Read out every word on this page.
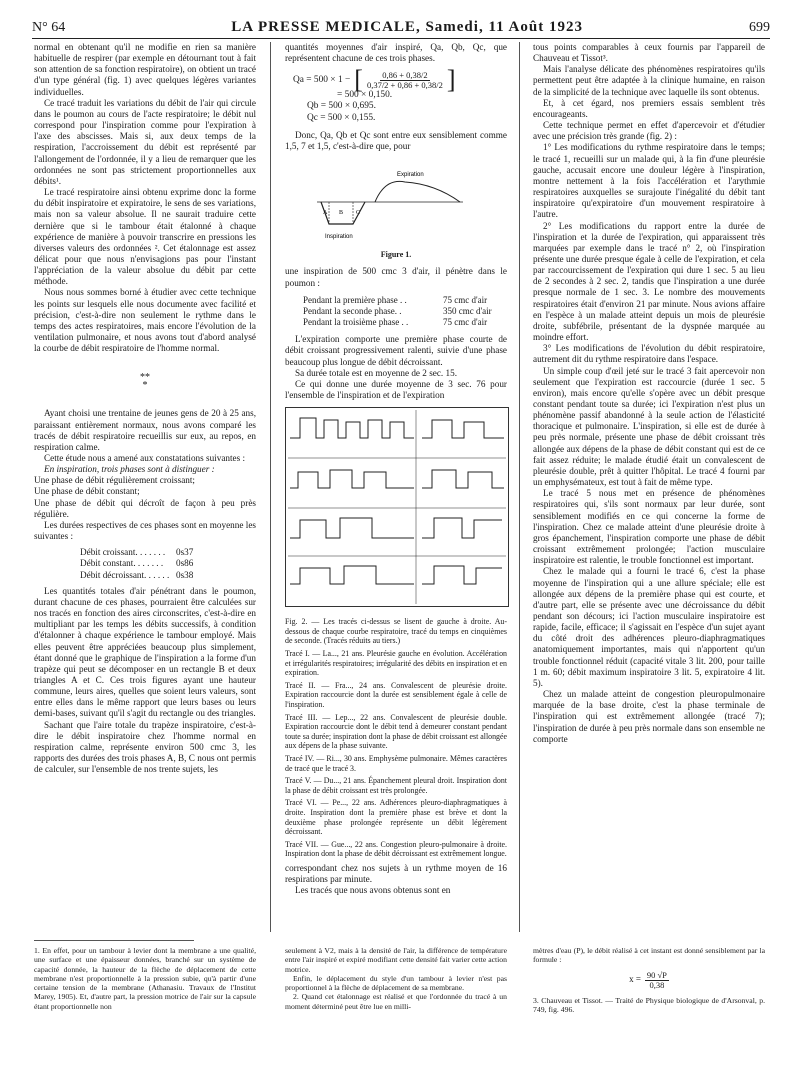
N° 64	LA PRESSE MEDICALE, Samedi, 11 Août 1923	699

normal en obtenant qu'il ne modifie en rien sa manière habituelle de respirer (par exemple en détournant tout à fait son attention de sa fonction respiratoire), on obtient un tracé d'un type général (fig. 1) avec quelques légères variantes individuelles.

Ce tracé traduit les variations du débit de l'air qui circule dans le poumon au cours de l'acte respiratoire; le débit nul correspond pour l'inspiration comme pour l'expiration à l'axe des abscisses. Mais si, aux deux temps de la respiration, l'accroissement du débit est représenté par l'allongement de l'ordonnée, il y a lieu de remarquer que les ordonnées ne sont pas strictement proportionnelles aux débits¹.

Le tracé respiratoire ainsi obtenu exprime donc la forme du débit inspiratoire et expiratoire, le sens de ses variations, mais non sa valeur absolue. Il ne saurait traduire cette dernière que si le tambour était étalonné à chaque expérience de manière à pouvoir transcrire en pressions les diverses valeurs des ordonnées ². Cet étalonnage est assez délicat pour que nous n'envisagions pas pour l'instant l'appréciation de la valeur absolue du débit par cette méthode.

Nous nous sommes borné à étudier avec cette technique les points sur lesquels elle nous documente avec facilité et précision, c'est-à-dire non seulement le rythme dans le temps des actes respiratoires, mais encore l'évolution de la ventilation pulmonaire, et nous avons tout d'abord analysé la courbe de débit respiratoire de l'homme normal.

**
*

Ayant choisi une trentaine de jeunes gens de 20 à 25 ans, paraissant entièrement normaux, nous avons comparé les tracés de débit respiratoire recueillis sur eux, au repos, en respiration calme.

Cette étude nous a amené aux constatations suivantes :

En inspiration, trois phases sont à distinguer :

Une phase de débit régulièrement croissant;

Une phase de débit constant;

Une phase de débit qui décroît de façon à peu près régulière.

Les durées respectives de ces phases sont en moyenne les suivantes :

Débit croissant. . . . . . .	0s37
Débit constant. . . . . . .	0s86
Débit décroissant. . . . . . 0s38

Les quantités totales d'air pénétrant dans le poumon, durant chacune de ces phases, pourraient être calculées sur nos tracés en fonction des aires circonscrites, c'est-à-dire en multipliant par les temps les débits successifs, à condition d'étalonner à chaque expérience le tambour employé. Mais elles peuvent être appréciées beaucoup plus simplement, étant donné que le graphique de l'inspiration a la forme d'un trapèze qui peut se décomposer en un rectangle B et deux triangles A et C. Ces trois figures ayant une hauteur commune, leurs aires, quelles que soient leurs valeurs, sont entre elles dans le même rapport que leurs bases ou leurs demi-bases, suivant qu'il s'agit du rectangle ou des triangles.

Sachant que l'aire totale du trapèze inspiratoire, c'est-à-dire le débit inspiratoire chez l'homme normal en respiration calme, représente environ 500 cmc 3, les rapports des durées des trois phases A, B, C nous ont permis de calculer, sur l'ensemble de nos trente sujets, les

quantités moyennes d'air inspiré, Qa, Qb, Qc, que représentent chacune de ces trois phases.

Qa = 500 × 1 − [ $\frac{0,86 + 0,38/2}{0,37/2 + 0,86 + 0,38/2}$ ]
= 500 × 0,150.
Qb = 500 × 0,695.
Qc = 500 × 0,155.

Donc, Qa, Qb et Qc sont entre eux sensiblement comme 1,5, 7 et 1,5, c'est-à-dire que, pour

Expiration
Inspiration
A B C
Figure 1.

une inspiration de 500 cmc 3 d'air, il pénètre dans le poumon :

Pendant la première phase . .	75 cmc d'air
Pendant la seconde phase. .	350 cmc d'air
Pendant la troisième phase . .	75 cmc d'air

L'expiration comporte une première phase courte de débit croissant progressivement ralenti, suivie d'une phase beaucoup plus longue de débit décroissant.

Sa durée totale est en moyenne de 2 sec. 15.

Ce qui donne une durée moyenne de 3 sec. 76 pour l'ensemble de l'inspiration et de l'expiration

Fig. 2. — Les tracés ci-dessus se lisent de gauche à droite. Au-dessous de chaque courbe respiratoire, tracé du temps en cinquièmes de seconde. (Tracés réduits au tiers.)
Tracé I. — La..., 21 ans. Pleurésie gauche en évolution. Accélération et irrégularités respiratoires; irrégularité des débits en inspiration et en expiration.
Tracé II. — Fra..., 24 ans. Convalescent de pleurésie droite. Expiration raccourcie dont la durée est sensiblement égale à celle de l'inspiration.
Tracé III. — Lep..., 22 ans. Convalescent de pleurésie double. Expiration raccourcie dont le débit tend à demeurer constant pendant toute sa durée; inspiration dont la phase de débit croissant est allongée aux dépens de la phase suivante.
Tracé IV. — Ri..., 30 ans. Emphysème pulmonaire. Mêmes caractères de tracé que le tracé 3.
Tracé V. — Du..., 21 ans. Épanchement pleural droit. Inspiration dont la phase de débit croissant est très prolongée.
Tracé VI. — Pe..., 22 ans. Adhérences pleuro-diaphragmatiques à droite. Inspiration dont la première phase est brève et dont la deuxième phase prolongée représente un débit légèrement décroissant.
Tracé VII. — Gue..., 22 ans. Congestion pleuro-pulmonaire à droite. Inspiration dont la phase de débit décroissant est extrêmement longue.

correspondant chez nos sujets à un rythme moyen de 16 respirations par minute.

Les tracés que nous avons obtenus sont en

tous points comparables à ceux fournis par l'appareil de Chauveau et Tissot³.

Mais l'analyse délicate des phénomènes respiratoires qu'ils permettent peut être adaptée à la clinique humaine, en raison de la simplicité de la technique avec laquelle ils sont obtenus.

Et, à cet égard, nos premiers essais semblent très encourageants.

Cette technique permet en effet d'apercevoir et d'étudier avec une précision très grande (fig. 2) :

1° Les modifications du rythme respiratoire dans le temps; le tracé 1, recueilli sur un malade qui, à la fin d'une pleurésie gauche, accusait encore une douleur légère à l'inspiration, montre nettement à la fois l'accélération et l'arythmie respiratoires auxquelles se surajoute l'inégalité du débit tant inspiratoire qu'expiratoire d'un mouvement respiratoire à l'autre.

2° Les modifications du rapport entre la durée de l'inspiration et la durée de l'expiration, qui apparaissent très marquées par exemple dans le tracé n° 2, où l'inspiration présente une durée presque égale à celle de l'expiration, et cela par raccourcissement de l'expiration qui dure 1 sec. 5 au lieu de 2 secondes à 2 sec. 2, tandis que l'inspiration a une durée presque normale de 1 sec. 3. Le nombre des mouvements respiratoires était d'environ 21 par minute. Nous avions affaire en l'espèce à un malade atteint depuis un mois de pleurésie droite, subfébrile, présentant de la dyspnée marquée au moindre effort.

3° Les modifications de l'évolution du débit respiratoire, autrement dit du rythme respiratoire dans l'espace.

Un simple coup d'œil jeté sur le tracé 3 fait apercevoir non seulement que l'expiration est raccourcie (durée 1 sec. 5 environ), mais encore qu'elle s'opère avec un débit presque constant pendant toute sa durée; ici l'expiration n'est plus un phénomène passif abandonné à la seule action de l'élasticité thoracique et pulmonaire. L'inspiration, si elle est de durée à peu près normale, présente une phase de débit croissant très allongée aux dépens de la phase de débit constant qui est de ce fait assez réduite; le malade étudié était un convalescent de pleurésie double, prêt à quitter l'hôpital. Le tracé 4 fourni par un emphysémateux, est tout à fait de même type.

Le tracé 5 nous met en présence de phénomènes respiratoires qui, s'ils sont normaux par leur durée, sont sensiblement modifiés en ce qui concerne la forme de l'inspiration. Chez ce malade atteint d'une pleurésie droite à gros épanchement, l'inspiration comporte une phase de débit croissant extrêmement prolongée; l'action musculaire inspiratoire est ralentie, le trouble fonctionnel est important.

Chez le malade qui a fourni le tracé 6, c'est la phase moyenne de l'inspiration qui a une allure spéciale; elle est allongée aux dépens de la première phase qui est courte, et d'autre part, elle se présente avec une décroissance du débit pendant son décours; ici l'action musculaire inspiratoire est rapide, facile, efficace; il s'agissait en l'espèce d'un sujet ayant du côté droit des adhérences pleuro-diaphragmatiques anatomiquement importantes, mais qui n'apportent qu'un trouble fonctionnel réduit (capacité vitale 3 lit. 200, pour taille 1 m. 60; débit maximum inspiratoire 3 lit. 5, expiratoire 4 lit. 5).

Chez un malade atteint de congestion pleuropulmonaire marquée de la base droite, c'est la phase terminale de l'inspiration qui est extrêmement allongée (tracé 7); l'inspiration de durée à peu près normale dans son ensemble ne comporte

1. En effet, pour un tambour à levier dont la membrane a une qualité, une surface et une épaisseur données, branché sur un système de capacité donnée, la hauteur de la flèche de déplacement de cette membrane n'est proportionnelle à la pression subie, qu'à partir d'une certaine tension de la membrane (Athanasiu. Travaux de l'Institut Marey, 1905). Et, d'autre part, la pression motrice de l'air sur la capsule étant proportionnelle non
seulement à V2, mais à la densité de l'air, la différence de température entre l'air inspiré et expiré modifiant cette densité fait varier cette action motrice.
Enfin, le déplacement du style d'un tambour à levier n'est pas proportionnel à la flèche de déplacement de sa membrane.
2. Quand cet étalonnage est réalisé et que l'ordonnée du tracé à un moment déterminé peut être lue en milli-
mètres d'eau (P), le débit réalisé à cet instant est donné sensiblement par la formule :
$x = \frac{90 √P}{0,38}$
3. Chauveau et Tissot. — Traité de Physique biologique de d'Arsonval, p. 749, fig. 496.
